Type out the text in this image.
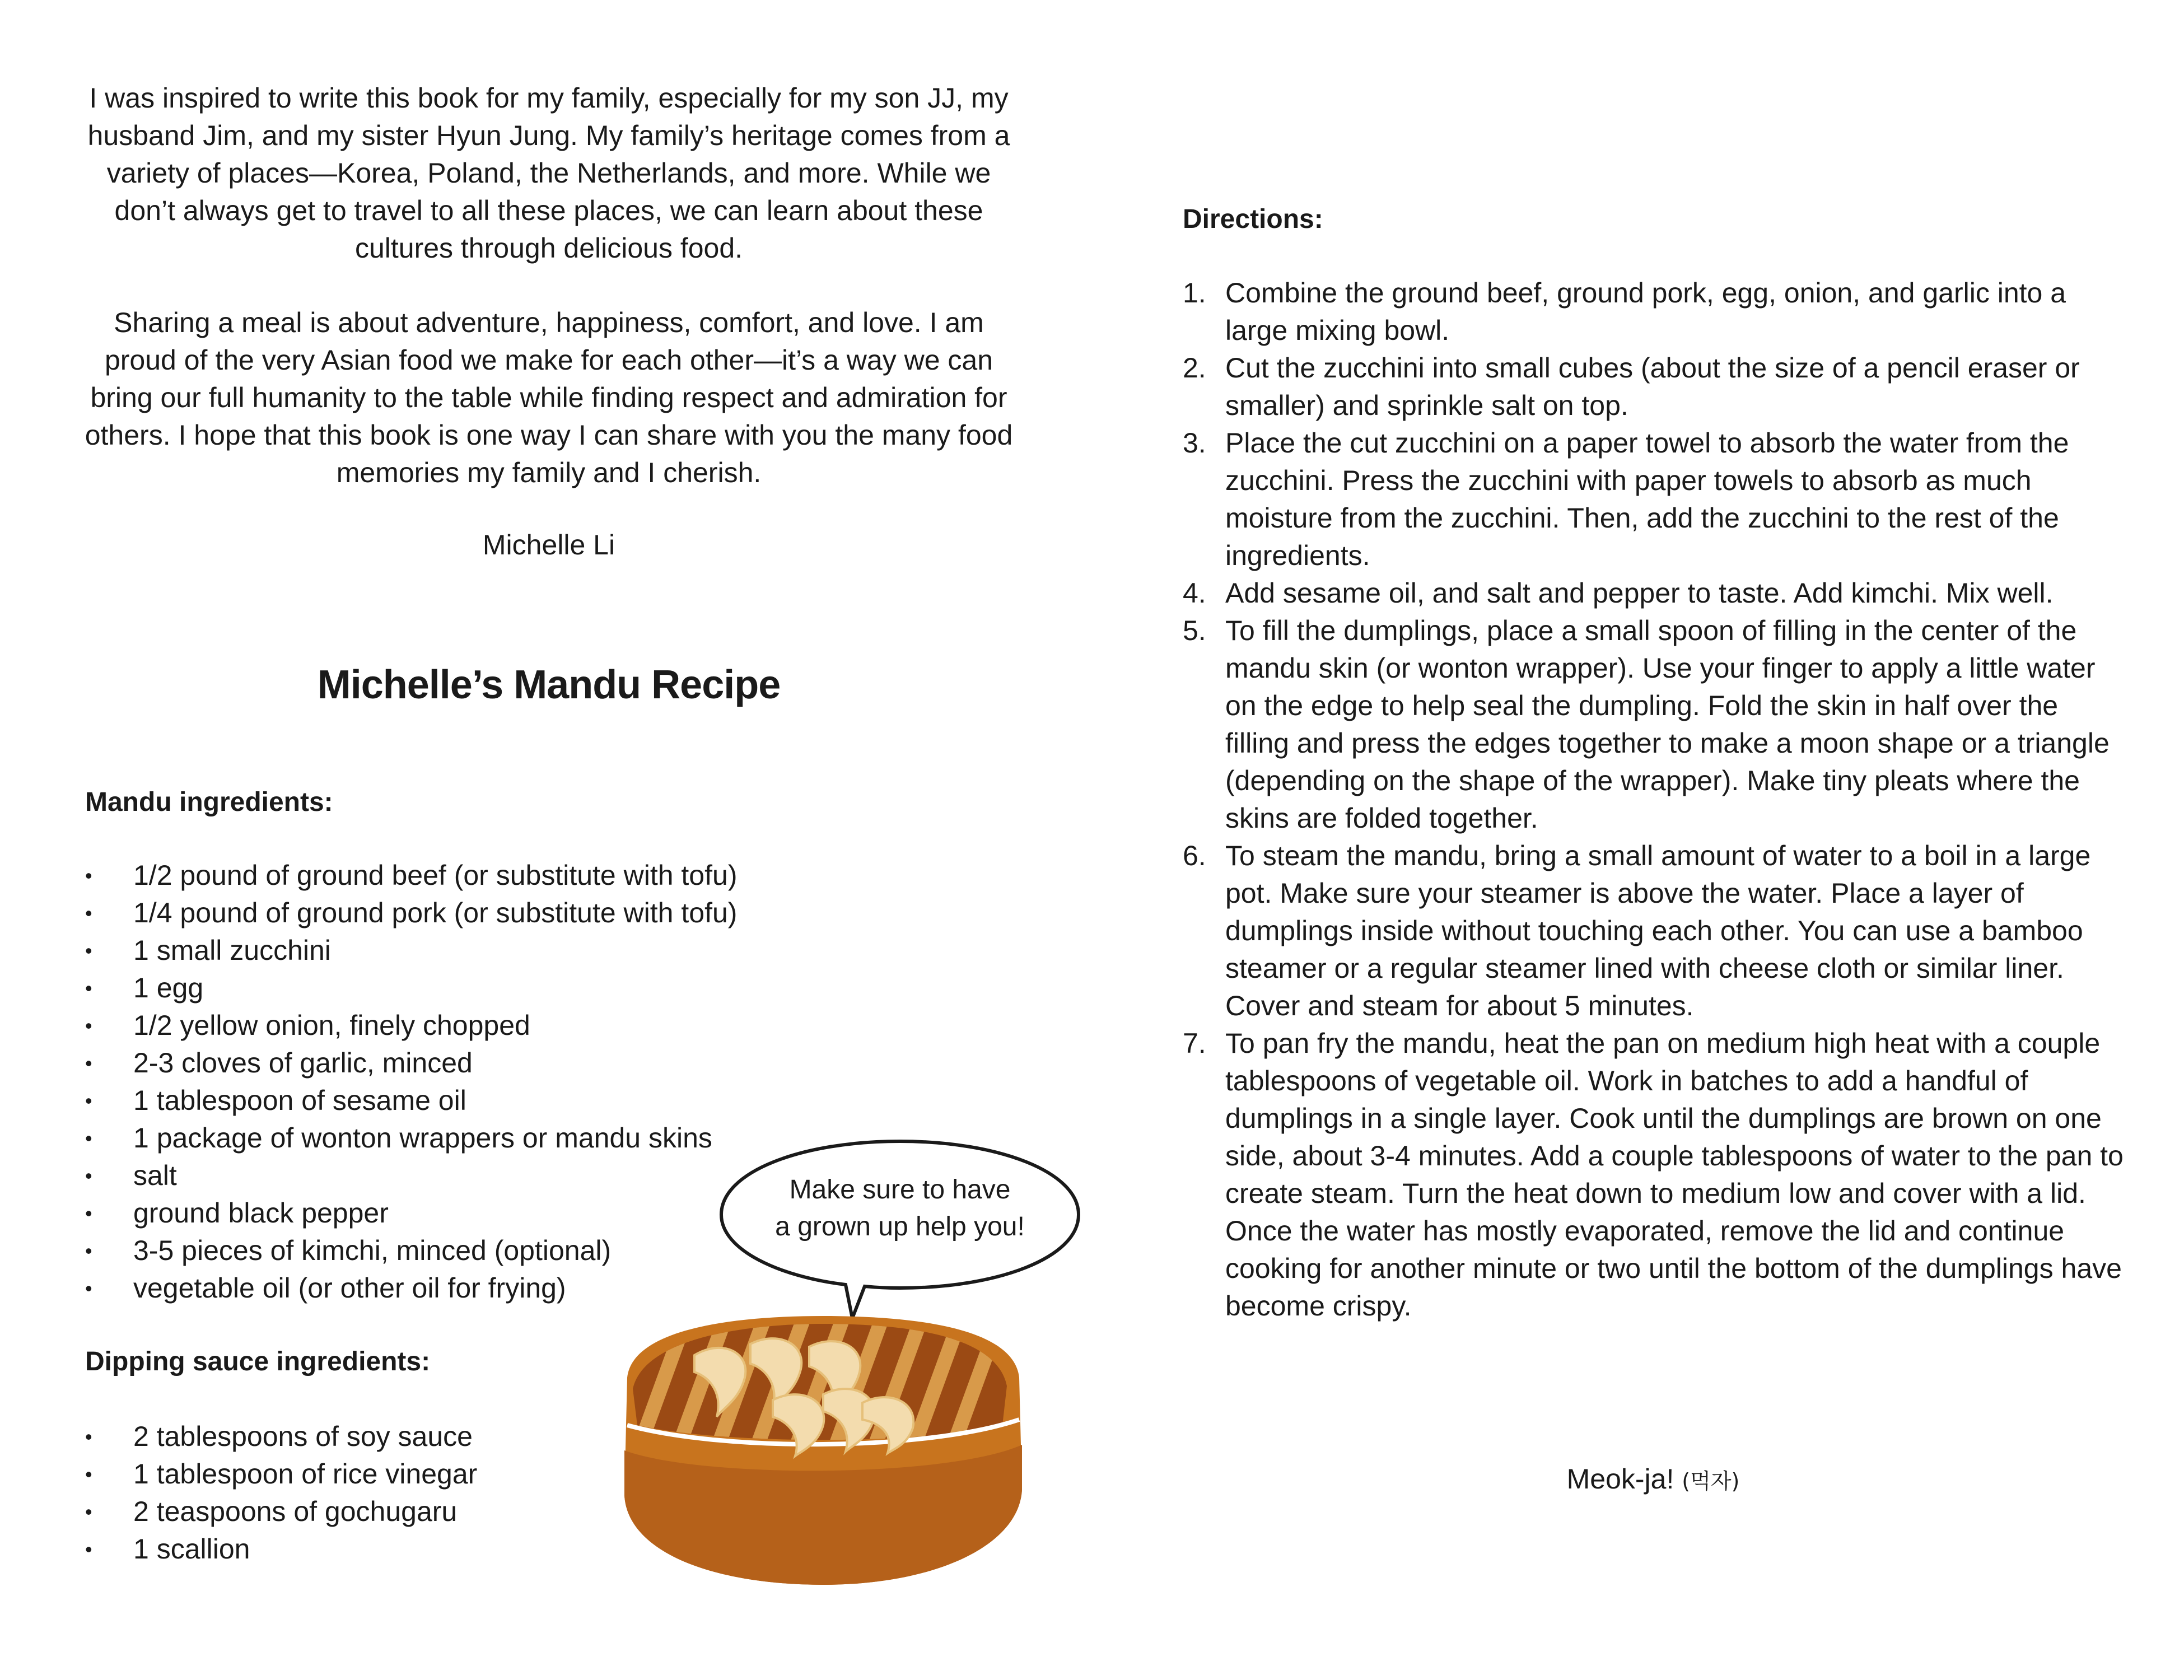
I was inspired to write this book for my family, especially for my son JJ, my husband Jim, and my sister Hyun Jung. My family’s heritage comes from a variety of places—Korea, Poland, the Netherlands, and more. While we don’t always get to travel to all these places, we can learn about these cultures through delicious food.

Sharing a meal is about adventure, happiness, comfort, and love. I am proud of the very Asian food we make for each other—it’s a way we can bring our full humanity to the table while finding respect and admiration for others. I hope that this book is one way I can share with you the many food memories my family and I cherish.

Michelle Li
Michelle’s Mandu Recipe
Mandu ingredients:
• 1/2 pound of ground beef (or substitute with tofu)
• 1/4 pound of ground pork (or substitute with tofu)
• 1 small zucchini
• 1 egg
• 1/2 yellow onion, finely chopped
• 2-3 cloves of garlic, minced
• 1 tablespoon of sesame oil
• 1 package of wonton wrappers or mandu skins
• salt
• ground black pepper
• 3-5 pieces of kimchi, minced (optional)
• vegetable oil (or other oil for frying)
Dipping sauce ingredients:
• 2 tablespoons of soy sauce
• 1 tablespoon of rice vinegar
• 2 teaspoons of gochugaru
• 1 scallion
Make sure to have
a grown up help you!
Directions:
1. Combine the ground beef, ground pork, egg, onion, and garlic into a large mixing bowl.
2. Cut the zucchini into small cubes (about the size of a pencil eraser or smaller) and sprinkle salt on top.
3. Place the cut zucchini on a paper towel to absorb the water from the zucchini. Press the zucchini with paper towels to absorb as much moisture from the zucchini. Then, add the zucchini to the rest of the ingredients.
4. Add sesame oil, and salt and pepper to taste. Add kimchi. Mix well.
5. To fill the dumplings, place a small spoon of filling in the center of the mandu skin (or wonton wrapper). Use your finger to apply a little water on the edge to help seal the dumpling. Fold the skin in half over the filling and press the edges together to make a moon shape or a triangle (depending on the shape of the wrapper). Make tiny pleats where the skins are folded together.
6. To steam the mandu, bring a small amount of water to a boil in a large pot. Make sure your steamer is above the water. Place a layer of dumplings inside without touching each other. You can use a bamboo steamer or a regular steamer lined with cheese cloth or similar liner. Cover and steam for about 5 minutes.
7. To pan fry the mandu, heat the pan on medium high heat with a couple tablespoons of vegetable oil. Work in batches to add a handful of dumplings in a single layer. Cook until the dumplings are brown on one side, about 3-4 minutes. Add a couple tablespoons of water to the pan to create steam. Turn the heat down to medium low and cover with a lid. Once the water has mostly evaporated, remove the lid and continue cooking for another minute or two until the bottom of the dumplings have become crispy.
Meok-ja! (먹자)
